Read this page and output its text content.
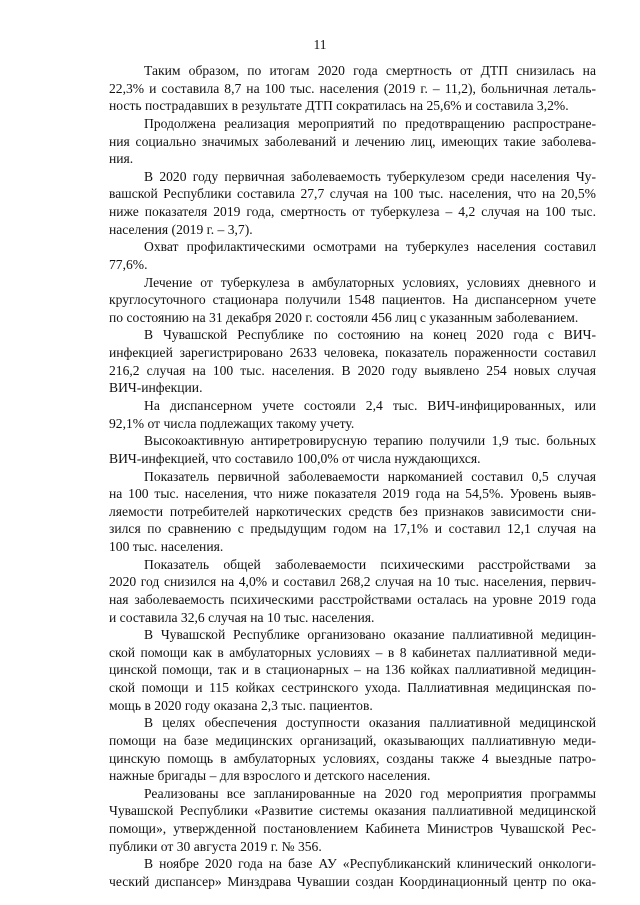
11
Таким образом, по итогам 2020 года смертность от ДТП снизилась на
22,3% и составила 8,7 на 100 тыс. населения (2019 г. – 11,2), больничная леталь-
ность пострадавших в результате ДТП сократилась на 25,6% и составила 3,2%.
Продолжена реализация мероприятий по предотвращению распростране-
ния социально значимых заболеваний и лечению лиц, имеющих такие заболева-
ния.
В 2020 году первичная заболеваемость туберкулезом среди населения Чу-
вашской Республики составила 27,7 случая на 100 тыс. населения, что на 20,5%
ниже показателя 2019 года, смертность от туберкулеза – 4,2 случая на 100 тыс.
населения (2019 г. – 3,7).
Охват профилактическими осмотрами на туберкулез населения составил
77,6%.
Лечение от туберкулеза в амбулаторных условиях, условиях дневного и
круглосуточного стационара получили 1548 пациентов. На диспансерном учете
по состоянию на 31 декабря 2020 г. состояли 456 лиц с указанным заболеванием.
В Чувашской Республике по состоянию на конец 2020 года с ВИЧ-
инфекцией зарегистрировано 2633 человека, показатель пораженности составил
216,2 случая на 100 тыс. населения. В 2020 году выявлено 254 новых случая
ВИЧ-инфекции.
На диспансерном учете состояли 2,4 тыс. ВИЧ-инфицированных, или
92,1% от числа подлежащих такому учету.
Высокоактивную антиретровирусную терапию получили 1,9 тыс. больных
ВИЧ-инфекцией, что составило 100,0% от числа нуждающихся.
Показатель первичной заболеваемости наркоманией составил 0,5 случая
на 100 тыс. населения, что ниже показателя 2019 года на 54,5%. Уровень выяв-
ляемости потребителей наркотических средств без признаков зависимости сни-
зился по сравнению с предыдущим годом на 17,1% и составил 12,1 случая на
100 тыс. населения.
Показатель общей заболеваемости психическими расстройствами за
2020 год снизился на 4,0% и составил 268,2 случая на 10 тыс. населения, первич-
ная заболеваемость психическими расстройствами осталась на уровне 2019 года
и составила 32,6 случая на 10 тыс. населения.
В Чувашской Республике организовано оказание паллиативной медицин-
ской помощи как в амбулаторных условиях – в 8 кабинетах паллиативной меди-
цинской помощи, так и в стационарных – на 136 койках паллиативной медицин-
ской помощи и 115 койках сестринского ухода. Паллиативная медицинская по-
мощь в 2020 году оказана 2,3 тыс. пациентов.
В целях обеспечения доступности оказания паллиативной медицинской
помощи на базе медицинских организаций, оказывающих паллиативную меди-
цинскую помощь в амбулаторных условиях, созданы также 4 выездные патро-
нажные бригады – для взрослого и детского населения.
Реализованы все запланированные на 2020 год мероприятия программы
Чувашской Республики «Развитие системы оказания паллиативной медицинской
помощи», утвержденной постановлением Кабинета Министров Чувашской Рес-
публики от 30 августа 2019 г. № 356.
В ноябре 2020 года на базе АУ «Республиканский клинический онкологи-
ческий диспансер» Минздрава Чувашии создан Координационный центр по ока-
